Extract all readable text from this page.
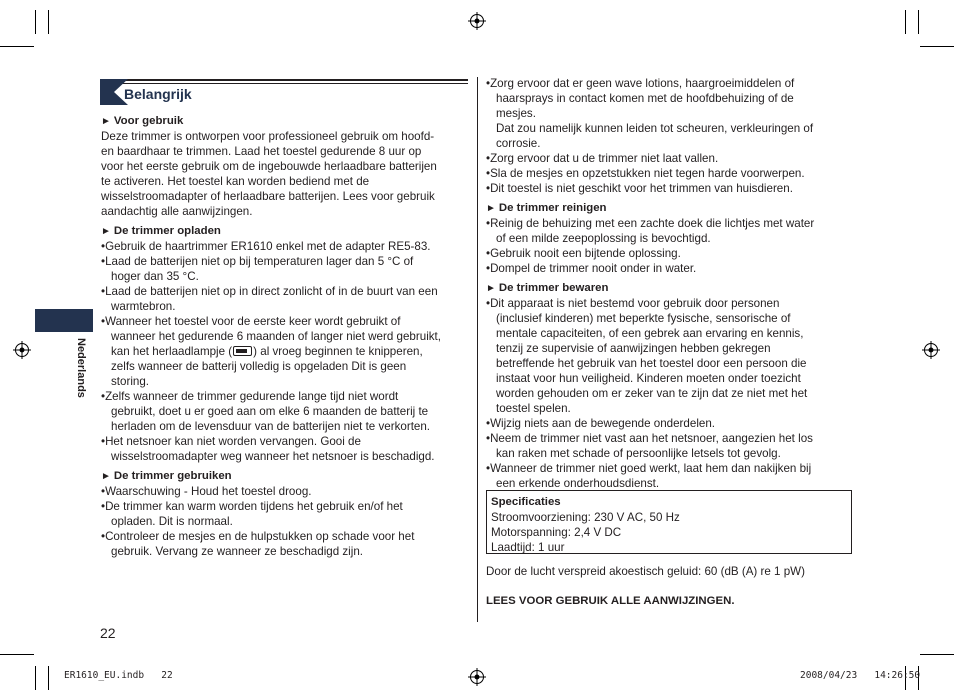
Nederlands
Belangrijk

► Voor gebruik

Deze trimmer is ontworpen voor professioneel gebruik om hoofd-

en baardhaar te trimmen. Laad het toestel gedurende 8 uur op

voor het eerste gebruik om de ingebouwde herlaadbare batterijen

te activeren. Het toestel kan worden bediend met de

wisselstroomadapter of herlaadbare batterijen. Lees voor gebruik

aandachtig alle aanwijzingen.

► De trimmer opladen

•Gebruik de haartrimmer ER1610 enkel met de adapter RE5-83.

•Laad de batterijen niet op bij temperaturen lager dan 5 °C of

hoger dan 35 °C.

•Laad de batterijen niet op in direct zonlicht of in de buurt van een

warmtebron.

•Wanneer het toestel voor de eerste keer wordt gebruikt of

wanneer het gedurende 6 maanden of langer niet werd gebruikt,

kan het herlaadlampje ( ) al vroeg beginnen te knipperen,

zelfs wanneer de batterij volledig is opgeladen Dit is geen

storing.

•Zelfs wanneer de trimmer gedurende lange tijd niet wordt

gebruikt, doet u er goed aan om elke 6 maanden de batterij te

herladen om de levensduur van de batterijen niet te verkorten.

•Het netsnoer kan niet worden vervangen. Gooi de

wisselstroomadapter weg wanneer het netsnoer is beschadigd.

► De trimmer gebruiken

•Waarschuwing - Houd het toestel droog.

•De trimmer kan warm worden tijdens het gebruik en/of het

opladen. Dit is normaal.

•Controleer de mesjes en de hulpstukken op schade voor het

gebruik. Vervang ze wanneer ze beschadigd zijn.

•Zorg ervoor dat er geen wave lotions, haargroeimiddelen of

haarsprays in contact komen met de hoofdbehuizing of de

mesjes.

Dat zou namelijk kunnen leiden tot scheuren, verkleuringen of

corrosie.

•Zorg ervoor dat u de trimmer niet laat vallen.

•Sla de mesjes en opzetstukken niet tegen harde voorwerpen.

•Dit toestel is niet geschikt voor het trimmen van huisdieren.

► De trimmer reinigen

•Reinig de behuizing met een zachte doek die lichtjes met water

of een milde zeepoplossing is bevochtigd.

•Gebruik nooit een bijtende oplossing.

•Dompel de trimmer nooit onder in water.

► De trimmer bewaren

•Dit apparaat is niet bestemd voor gebruik door personen

(inclusief kinderen) met beperkte fysische, sensorische of

mentale capaciteiten, of een gebrek aan ervaring en kennis,

tenzij ze supervisie of aanwijzingen hebben gekregen

betreffende het gebruik van het toestel door een persoon die

instaat voor hun veiligheid. Kinderen moeten onder toezicht

worden gehouden om er zeker van te zijn dat ze niet met het

toestel spelen.

•Wijzig niets aan de bewegende onderdelen.

•Neem de trimmer niet vast aan het netsnoer, aangezien het los

kan raken met schade of persoonlijke letsels tot gevolg.

•Wanneer de trimmer niet goed werkt, laat hem dan nakijken bij

een erkende onderhoudsdienst.

Specificaties
Stroomvoorziening: 230 V AC, 50 Hz
Motorspanning: 2,4 V DC
Laadtijd: 1 uur
Door de lucht verspreid akoestisch geluid: 60 (dB (A) re 1 pW)
LEES VOOR GEBRUIK ALLE AANWIJZINGEN.
22
ER1610_EU.indb   22	2008/04/23   14:26:50
